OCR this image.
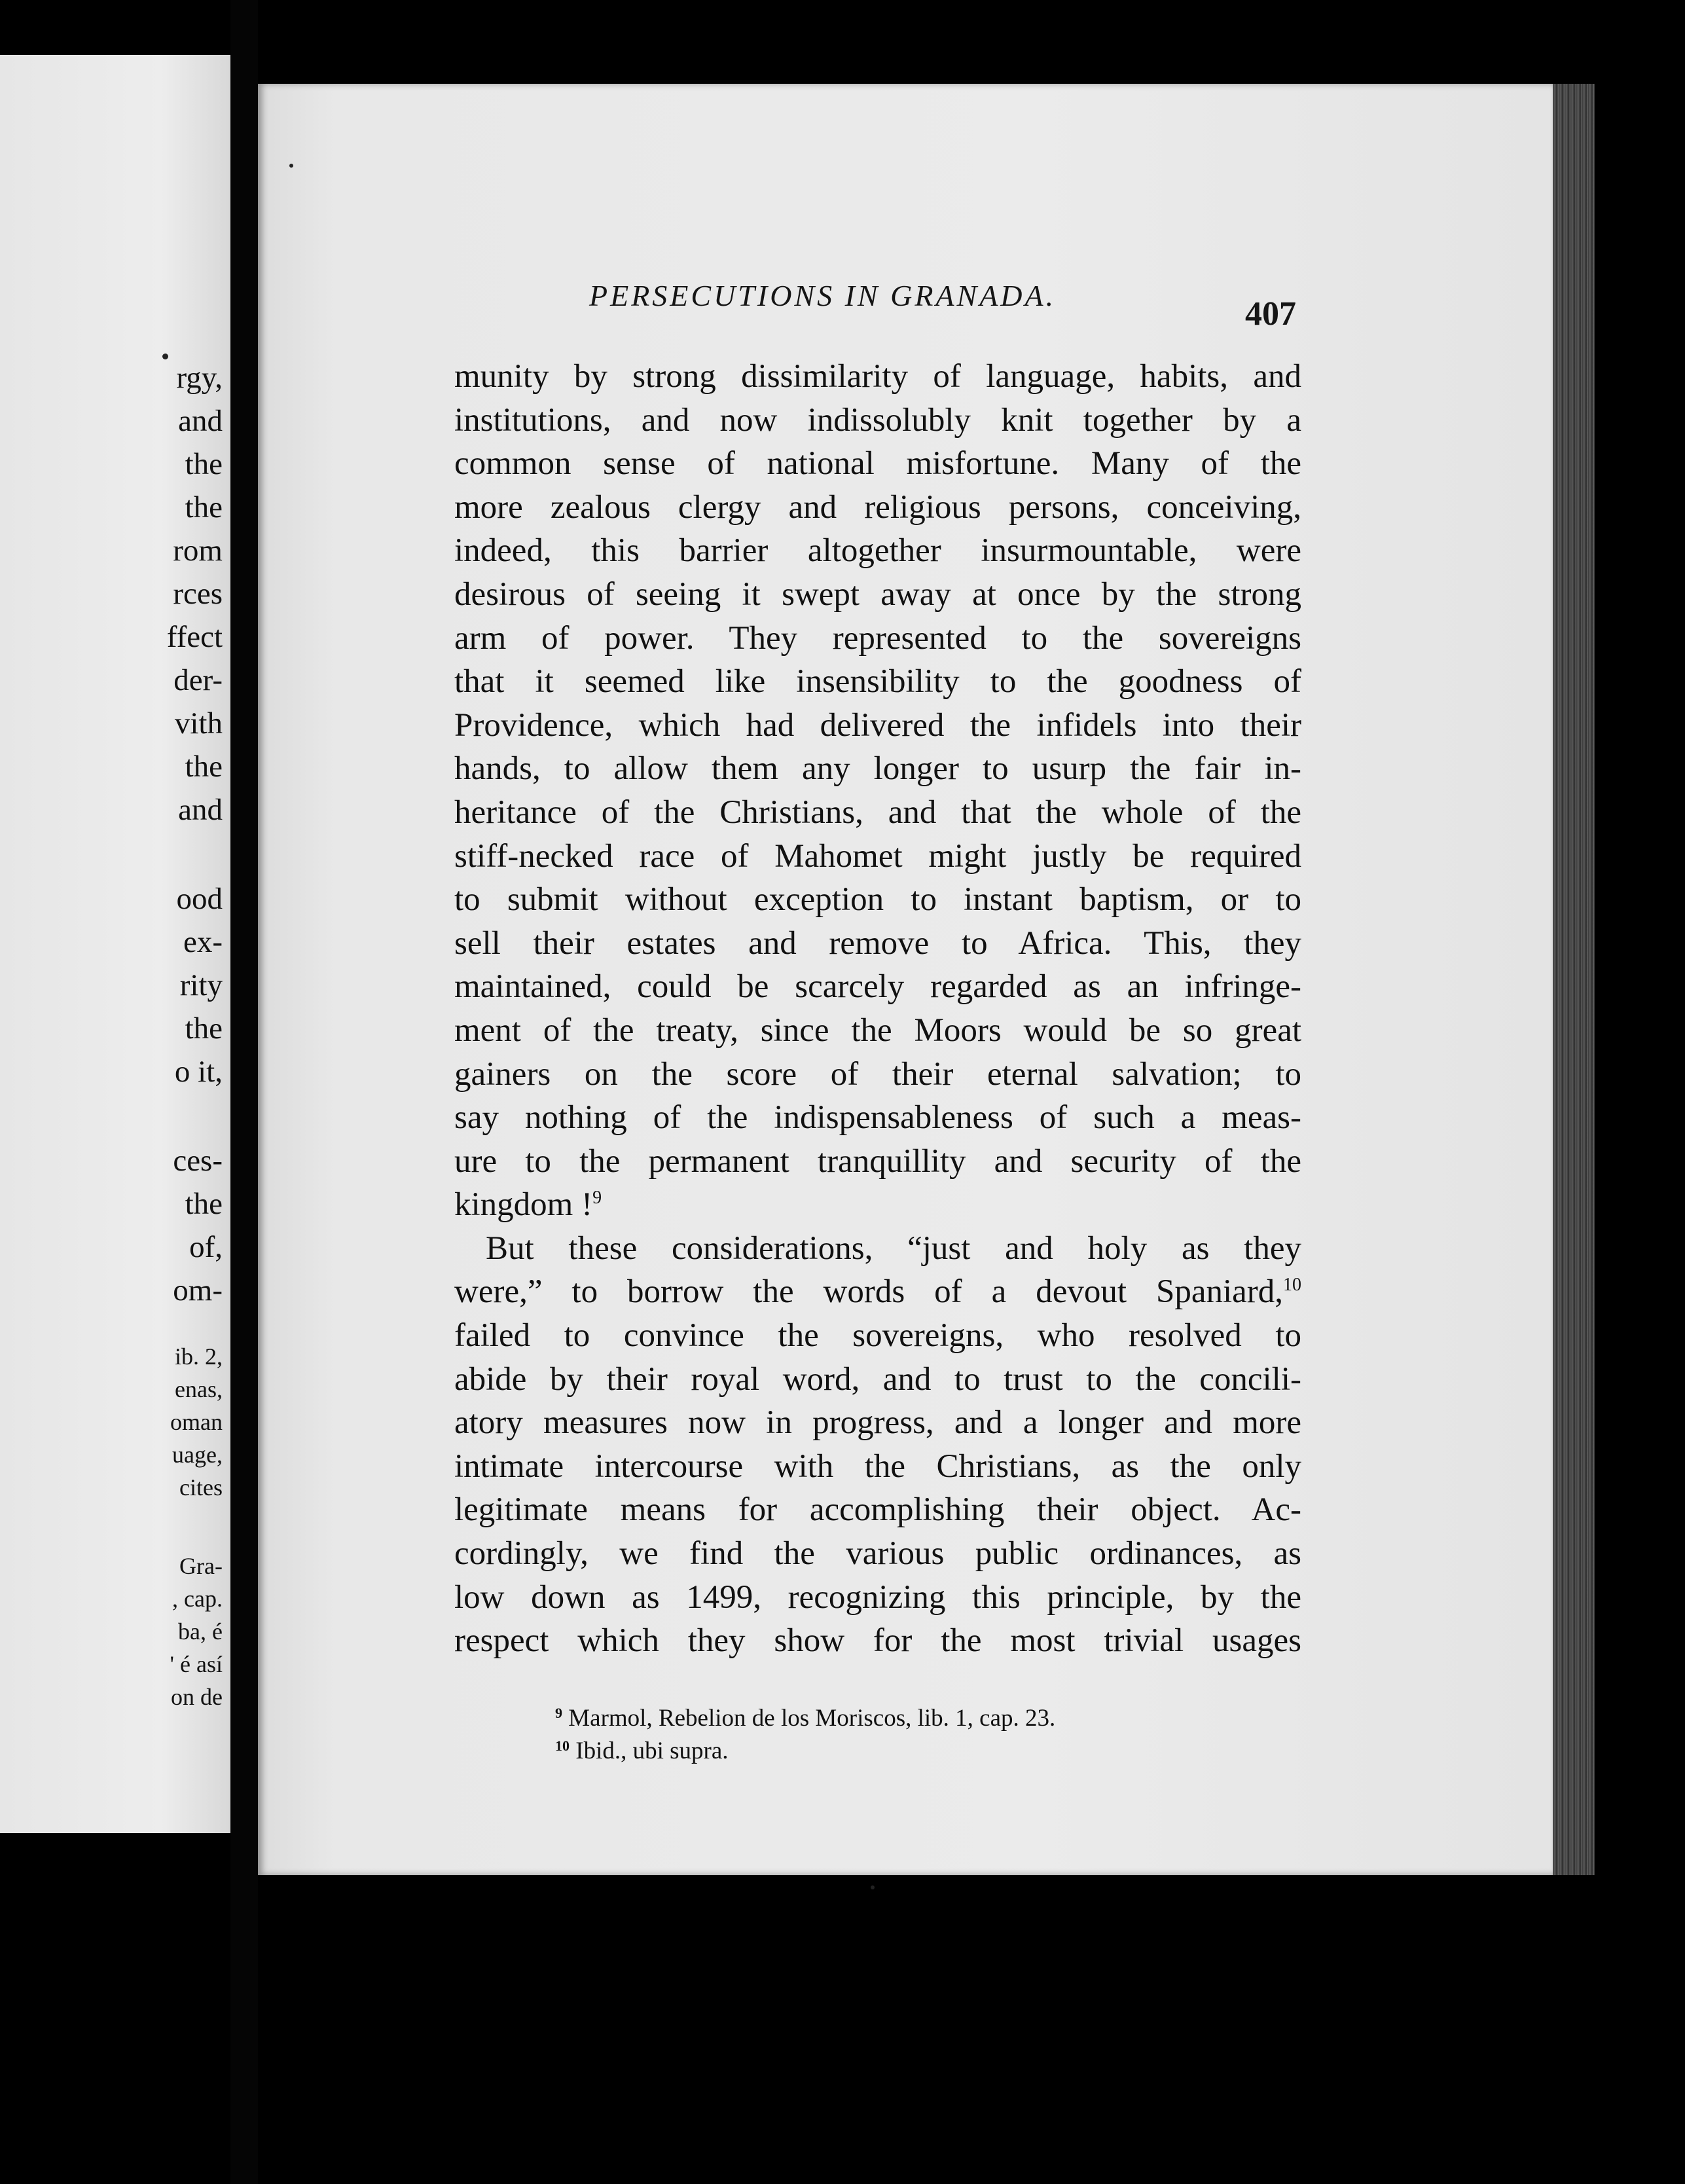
rgy,
and
the
the
rom
rces
ffect
der-
vith
the
and
ood
ex-
rity
the
o it,
ces-
the
of,
om-
ib. 2,
enas,
oman
uage,
cites
Gra-
, cap.
ba, é
' é así
on de
PERSECUTIONS IN GRANADA.	407
munity by strong dissimilarity of language, habits, and
institutions, and now indissolubly knit together by a
common sense of national misfortune. Many of the
more zealous clergy and religious persons, conceiving,
indeed, this barrier altogether insurmountable, were
desirous of seeing it swept away at once by the strong
arm of power. They represented to the sovereigns
that it seemed like insensibility to the goodness of
Providence, which had delivered the infidels into their
hands, to allow them any longer to usurp the fair in-
heritance of the Christians, and that the whole of the
stiff-necked race of Mahomet might justly be required
to submit without exception to instant baptism, or to
sell their estates and remove to Africa. This, they
maintained, could be scarcely regarded as an infringe-
ment of the treaty, since the Moors would be so great
gainers on the score of their eternal salvation; to
say nothing of the indispensableness of such a meas-
ure to the permanent tranquillity and security of the
kingdom !$^9$
But these considerations, “just and holy as they
were,” to borrow the words of a devout Spaniard,$^{10}$
failed to convince the sovereigns, who resolved to
abide by their royal word, and to trust to the concili-
atory measures now in progress, and a longer and more
intimate intercourse with the Christians, as the only
legitimate means for accomplishing their object. Ac-
cordingly, we find the various public ordinances, as
low down as 1499, recognizing this principle, by the
respect which they show for the most trivial usages
$^9$ Marmol, Rebelion de los Moriscos, lib. 1, cap. 23.
$^{10}$ Ibid., ubi supra.
